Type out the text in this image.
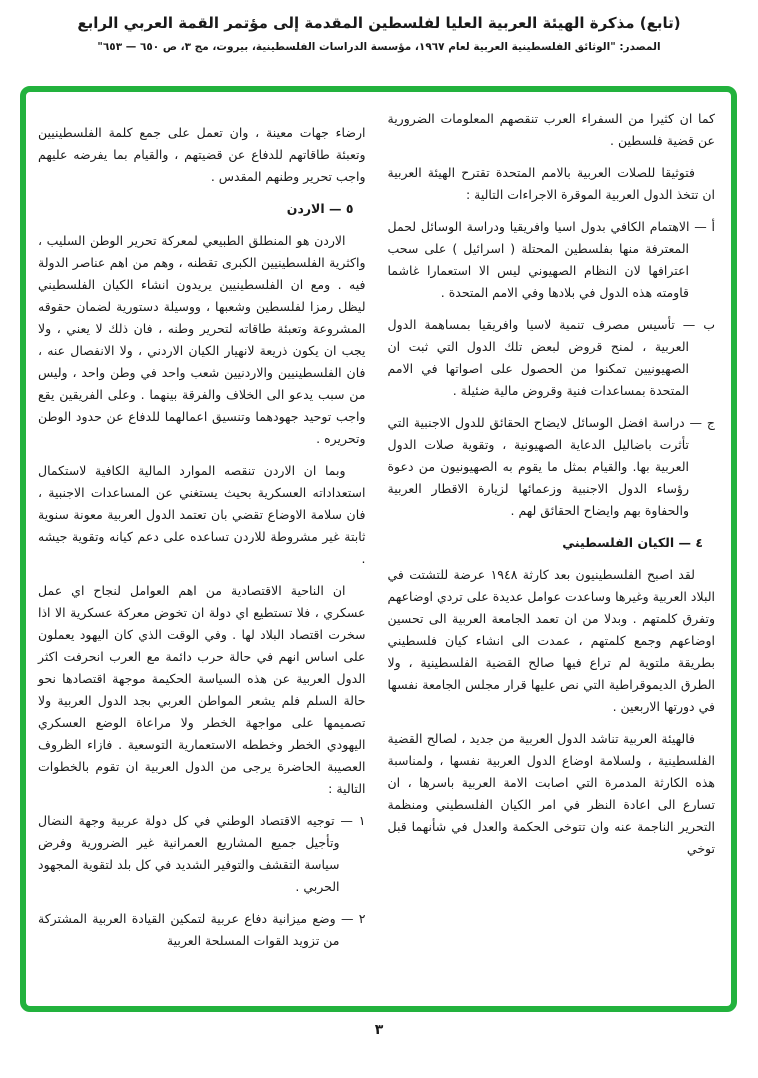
(تابع) مذكرة الهيئة العربية العليا لفلسطين المقدمة إلى مؤتمر القمة العربي الرابع
المصدر: "الوثائق الفلسطينية العربية لعام ١٩٦٧، مؤسسة الدراسات الفلسطينية، بيروت، مج ٣، ص ٦٥٠ — ٦٥٣"

كما ان كثيرا من السفراء العرب تنقصهم المعلومات الضرورية عن قضية فلسطين .

فتوثيقا للصلات العربية بالامم المتحدة تقترح الهيئة العربية ان تتخذ الدول العربية الموقرة الاجراءات التالية :

أ — الاهتمام الكافي بدول اسيا وافريقيا ودراسة الوسائل لحمل المعترفة منها بفلسطين المحتلة ( اسرائيل ) على سحب اعترافها لان النظام الصهيوني ليس الا استعمارا غاشما قاومته هذه الدول في بلادها وفي الامم المتحدة .

ب — تأسيس مصرف تنمية لاسيا وافريقيا بمساهمة الدول العربية ، لمنح قروض لبعض تلك الدول التي ثبت ان الصهيونيين تمكنوا من الحصول على اصواتها في الامم المتحدة بمساعدات فنية وقروض مالية ضئيلة .

ج — دراسة افضل الوسائل لايضاح الحقائق للدول الاجنبية التي تأثرت باضاليل الدعاية الصهيونية ، وتقوية صلات الدول العربية بها. والقيام بمثل ما يقوم به الصهيونيون من دعوة رؤساء الدول الاجنبية وزعمائها لزيارة الاقطار العربية والحفاوة بهم وايضاح الحقائق لهم .

٤ — الكيان الفلسطيني

لقد اصبح الفلسطينيون بعد كارثة ١٩٤٨ عرضة للتشتت في البلاد العربية وغيرها وساعدت عوامل عديدة على تردي اوضاعهم وتفرق كلمتهم . وبدلا من ان تعمد الجامعة العربية الى تحسين اوضاعهم وجمع كلمتهم ، عمدت الى انشاء كيان فلسطيني بطريقة ملتوية لم تراع فيها صالح القضية الفلسطينية ، ولا الطرق الديموقراطية التي نص عليها قرار مجلس الجامعة نفسها في دورتها الاربعين .

فالهيئة العربية تناشد الدول العربية من جديد ، لصالح القضية الفلسطينية ، ولسلامة اوضاع الدول العربية نفسها ، ولمناسبة هذه الكارثة المدمرة التي اصابت الامة العربية باسرها ، ان تسارع الى اعادة النظر في امر الكيان الفلسطيني ومنظمة التحرير الناجمة عنه وان تتوخى الحكمة والعدل في شأنهما قبل توخي

ارضاء جهات معينة ، وان تعمل على جمع كلمة الفلسطينيين وتعبئة طاقاتهم للدفاع عن قضيتهم ، والقيام بما يفرضه عليهم واجب تحرير وطنهم المقدس .

٥ — الاردن

الاردن هو المنطلق الطبيعي لمعركة تحرير الوطن السليب ، واكثرية الفلسطينيين الكبرى تقطنه ، وهم من اهم عناصر الدولة فيه . ومع ان الفلسطينيين يريدون انشاء الكيان الفلسطيني ليظل رمزا لفلسطين وشعبها ، ووسيلة دستورية لضمان حقوقه المشروعة وتعبئة طاقاته لتحرير وطنه ، فان ذلك لا يعني ، ولا يجب ان يكون ذريعة لانهيار الكيان الاردني ، ولا الانفصال عنه ، فان الفلسطينيين والاردنيين شعب واحد في وطن واحد ، وليس من سبب يدعو الى الخلاف والفرقة بينهما . وعلى الفريقين يقع واجب توحيد جهودهما وتنسيق اعمالهما للدفاع عن حدود الوطن وتحريره .

وبما ان الاردن تنقصه الموارد المالية الكافية لاستكمال استعداداته العسكرية بحيث يستغني عن المساعدات الاجنبية ، فان سلامة الاوضاع تقضي بان تعتمد الدول العربية معونة سنوية ثابتة غير مشروطة للاردن تساعده على دعم كيانه وتقوية جيشه .

ان الناحية الاقتصادية من اهم العوامل لنجاح اي عمل عسكري ، فلا تستطيع اي دولة ان تخوض معركة عسكرية الا اذا سخرت اقتصاد البلاد لها . وفي الوقت الذي كان اليهود يعملون على اساس انهم في حالة حرب دائمة مع العرب انحرفت اكثر الدول العربية عن هذه السياسة الحكيمة موجهة اقتصادها نحو حالة السلم فلم يشعر المواطن العربي بجد الدول العربية ولا تصميمها على مواجهة الخطر ولا مراعاة الوضع العسكري اليهودي الخطر وخططه الاستعمارية التوسعية . فازاء الظروف العصيبة الحاضرة يرجى من الدول العربية ان تقوم بالخطوات التالية :

١ — توجيه الاقتصاد الوطني في كل دولة عربية وجهة النضال وتأجيل جميع المشاريع العمرانية غير الضرورية وفرض سياسة التقشف والتوفير الشديد في كل بلد لتقوية المجهود الحربي .

٢ — وضع ميزانية دفاع عربية لتمكين القيادة العربية المشتركة من تزويد القوات المسلحة العربية

٣
